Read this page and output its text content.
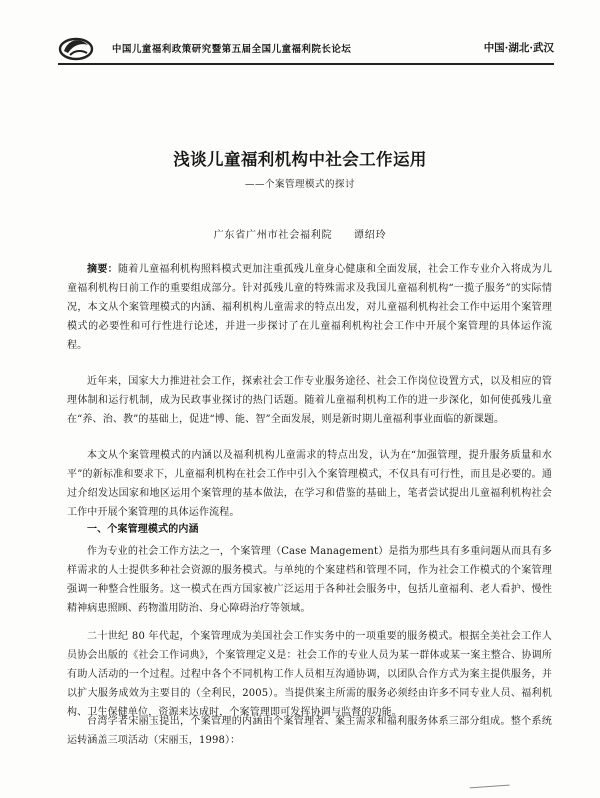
中国儿童福利政策研究暨第五届全国儿童福利院长论坛	中国·湖北·武汉
浅谈儿童福利机构中社会工作运用
——个案管理模式的探讨
广东省广州市社会福利院　　谭绍玲

摘要：随着儿童福利机构照料模式更加注重孤残儿童身心健康和全面发展，社会工作专业介入将成为儿童福利机构日前工作的重要组成部分。针对孤残儿童的特殊需求及我国儿童福利机构“一揽子服务”的实际情况，本文从个案管理模式的内涵、福利机构儿童需求的特点出发，对儿童福利机构社会工作中运用个案管理模式的必要性和可行性进行论述，并进一步探讨了在儿童福利机构社会工作中开展个案管理的具体运作流程。

近年来，国家大力推进社会工作，探索社会工作专业服务途径、社会工作岗位设置方式，以及相应的管理体制和运行机制，成为民政事业探讨的热门话题。随着儿童福利机构工作的进一步深化，如何使孤残儿童在“养、治、教”的基础上，促进“博、能、智”全面发展，则是新时期儿童福利事业面临的新课题。

本文从个案管理模式的内涵以及福利机构儿童需求的特点出发，认为在“加强管理，提升服务质量和水平”的新标准和要求下，儿童福利机构在社会工作中引入个案管理模式，不仅具有可行性，而且是必要的。通过介绍发达国家和地区运用个案管理的基本做法，在学习和借鉴的基础上，笔者尝试提出儿童福利机构社会工作中开展个案管理的具体运作流程。

一、个案管理模式的内涵

作为专业的社会工作方法之一，个案管理（Case Management）是指为那些具有多重问题从而具有多样需求的人士提供多种社会资源的服务模式。与单纯的个案建档和管理不同，作为社会工作模式的个案管理强调一种整合性服务。这一模式在西方国家被广泛运用于各种社会服务中，包括儿童福利、老人看护、慢性精神病患照顾、药物滥用防治、身心障碍治疗等领域。

二十世纪 80 年代起，个案管理成为美国社会工作实务中的一项重要的服务模式。根据全美社会工作人员协会出版的《社会工作词典》，个案管理定义是：社会工作的专业人员为某一群体或某一案主整合、协调所有助人活动的一个过程。过程中各个不同机构工作人员相互沟通协调，以团队合作方式为案主提供服务，并以扩大服务成效为主要目的（全利民，2005）。当提供案主所需的服务必须经由许多不同专业人员、福利机构、卫生保健单位，资源来达成时，个案管理即可发挥协调与监督的功能。

台湾学者宋丽玉提出，个案管理的内涵由个案管理者、案主需求和福利服务体系三部分组成。整个系统运转涵盖三项活动（宋丽玉，1998）：
